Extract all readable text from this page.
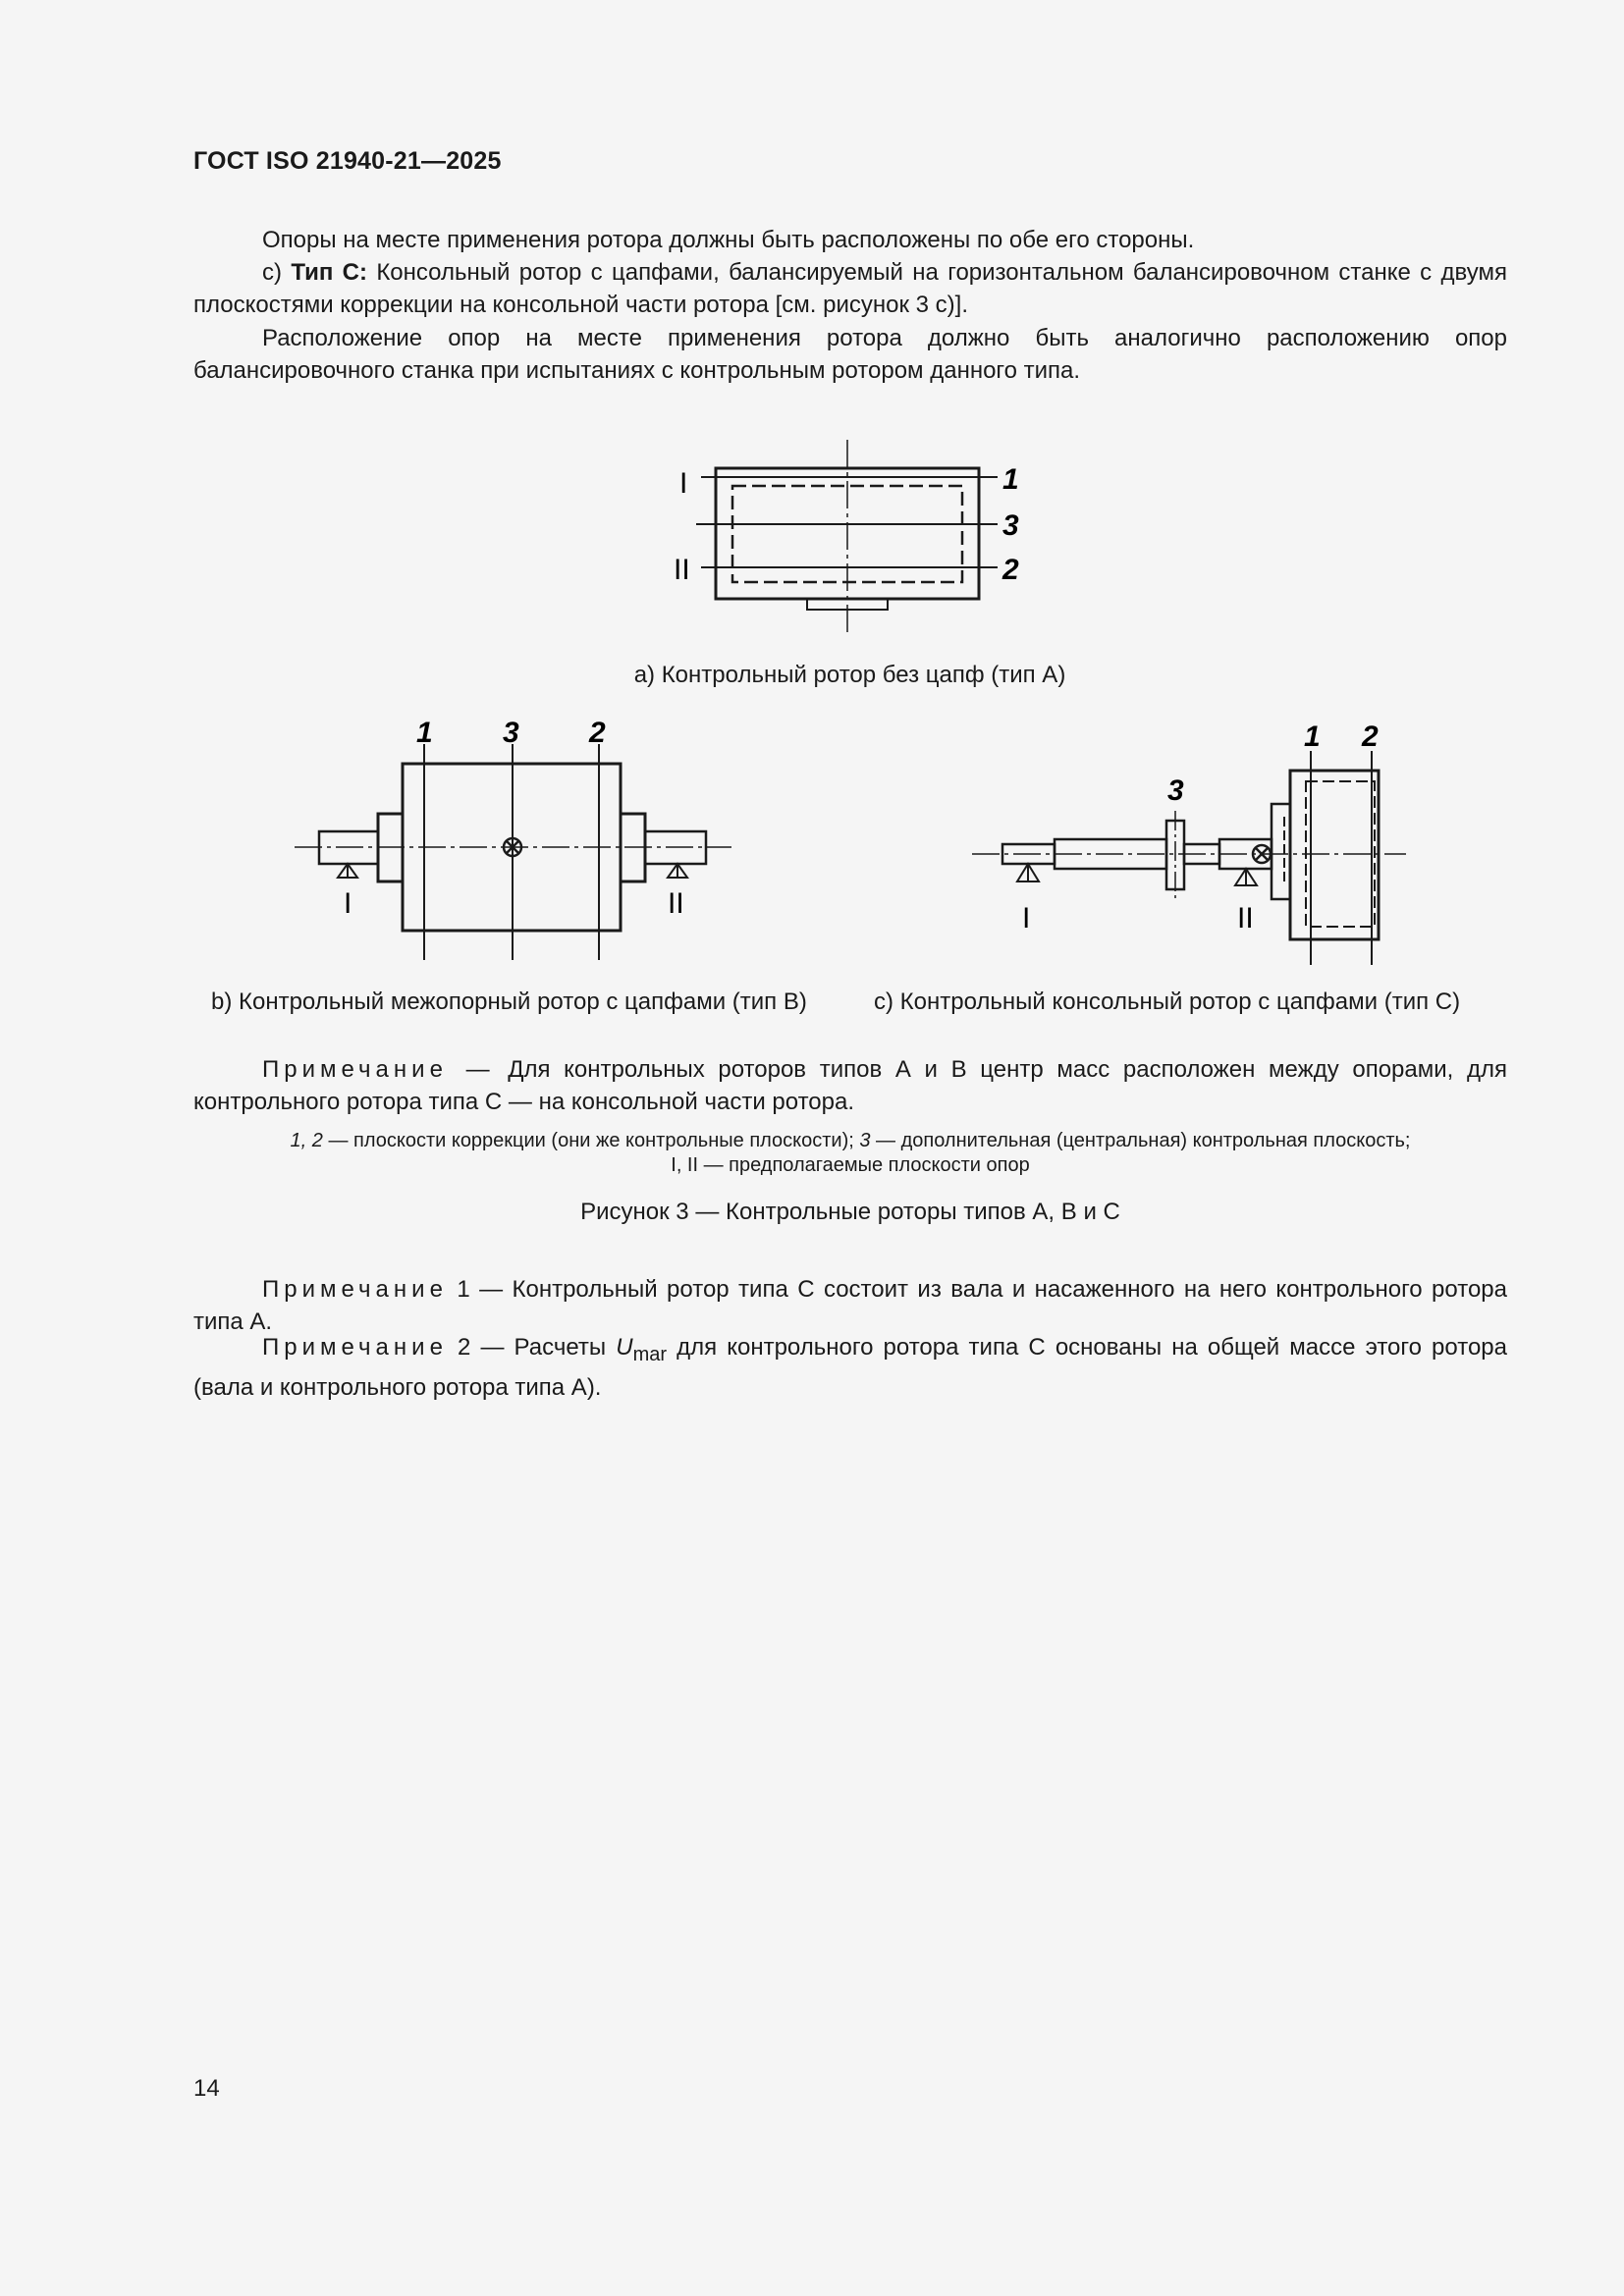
ГОСТ ISO 21940-21—2025
Опоры на месте применения ротора должны быть расположены по обе его стороны.
с) Тип С: Консольный ротор с цапфами, балансируемый на горизонтальном балансировочном станке с двумя плоскостями коррекции на консольной части ротора [см. рисунок 3 с)].
Расположение опор на месте применения ротора должно быть аналогично расположению опор балансировочного станка при испытаниях с контрольным ротором данного типа.
I
II
1
3
2
а) Контрольный ротор без цапф (тип А)
1 3 2
I	II
3
1 2
I	II
b) Контрольный межопорный ротор с цапфами (тип В)	с) Контрольный консольный ротор с цапфами (тип С)
Примечание — Для контрольных роторов типов А и В центр масс расположен между опорами, для контрольного ротора типа С — на консольной части ротора.
1, 2 — плоскости коррекции (они же контрольные плоскости); 3 — дополнительная (центральная) контрольная плоскость;
I, II — предполагаемые плоскости опор
Рисунок 3 — Контрольные роторы типов А, В и С
Примечание 1 — Контрольный ротор типа С состоит из вала и насаженного на него контрольного ротора типа А.
Примечание 2 — Расчеты $U_{mar}$ для контрольного ротора типа С основаны на общей массе этого ротора (вала и контрольного ротора типа А).
14
